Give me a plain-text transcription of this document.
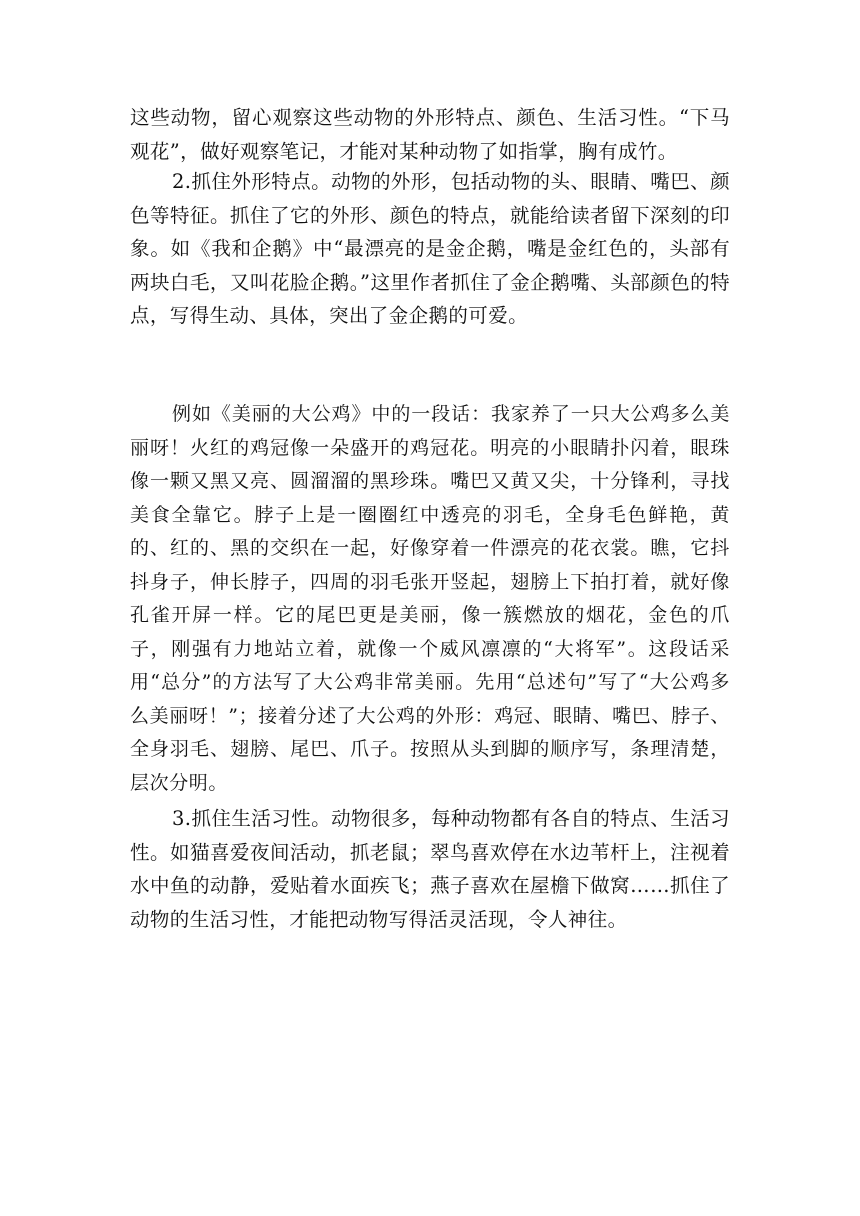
这些动物，留心观察这些动物的外形特点、颜色、生活习性。“下马观花”，做好观察笔记，才能对某种动物了如指掌，胸有成竹。

2.抓住外形特点。动物的外形，包括动物的头、眼睛、嘴巴、颜色等特征。抓住了它的外形、颜色的特点，就能给读者留下深刻的印象。如《我和企鹅》中“最漂亮的是金企鹅，嘴是金红色的，头部有两块白毛，又叫花脸企鹅。”这里作者抓住了金企鹅嘴、头部颜色的特点，写得生动、具体，突出了金企鹅的可爱。

例如《美丽的大公鸡》中的一段话：我家养了一只大公鸡多么美丽呀！火红的鸡冠像一朵盛开的鸡冠花。明亮的小眼睛扑闪着，眼珠像一颗又黑又亮、圆溜溜的黑珍珠。嘴巴又黄又尖，十分锋利，寻找美食全靠它。脖子上是一圈圈红中透亮的羽毛，全身毛色鲜艳，黄的、红的、黑的交织在一起，好像穿着一件漂亮的花衣裳。瞧，它抖抖身子，伸长脖子，四周的羽毛张开竖起，翅膀上下拍打着，就好像孔雀开屏一样。它的尾巴更是美丽，像一簇燃放的烟花，金色的爪子，刚强有力地站立着，就像一个威风凛凛的“大将军”。这段话采用“总分”的方法写了大公鸡非常美丽。先用“总述句”写了“大公鸡多么美丽呀！”；接着分述了大公鸡的外形：鸡冠、眼睛、嘴巴、脖子、全身羽毛、翅膀、尾巴、爪子。按照从头到脚的顺序写，条理清楚，层次分明。

3.抓住生活习性。动物很多，每种动物都有各自的特点、生活习性。如猫喜爱夜间活动，抓老鼠；翠鸟喜欢停在水边苇杆上，注视着水中鱼的动静，爱贴着水面疾飞；燕子喜欢在屋檐下做窝……抓住了动物的生活习性，才能把动物写得活灵活现，令人神往。
